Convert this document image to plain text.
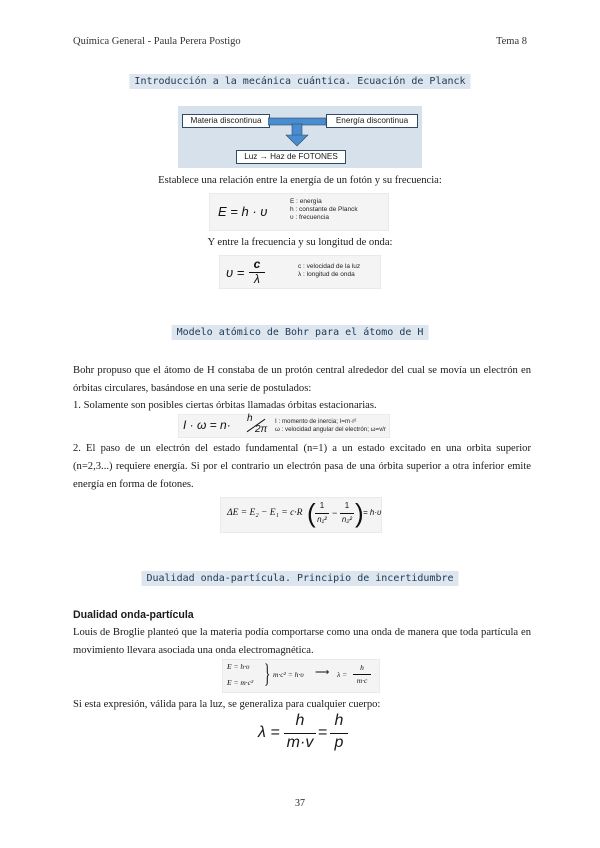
Química General - Paula Perera Postigo	Tema 8
Introducción a la mecánica cuántica. Ecuación de Planck
Materia discontinua	Energía discontinua
Luz → Haz de FOTONES
Establece una relación entre la energía de un fotón y su frecuencia:
E = h · υ
E : energía
h : constante de Planck
υ : frecuencia
Y entre la frecuencia y su longitud de onda:
υ =
c
λ
c : velocidad de la luz
λ : longitud de onda
Modelo atómico de Bohr para el átomo de H
Bohr propuso que el átomo de H constaba de un protón central alrededor del cual se movía un electrón en órbitas circulares, basándose en una serie de postulados:
1. Solamente son posibles ciertas órbitas llamadas órbitas estacionarias.
I · ω = n· h
2π
I : momento de inercia; I=m·r²
ω : velocidad angular del electrón; ω=v/r
2. El paso de un electrón del estado fundamental (n=1) a un estado excitado en una orbita superior (n=2,3...) requiere energía. Si por el contrario un electrón pasa de una órbita superior a otra inferior emite energía en forma de fotones.
ΔE = E₂ − E₁ = c·R ( 1
n₁²
−
1
n₂² ) = h·υ
Dualidad onda-partícula. Principio de incertidumbre
Dualidad onda-partícula
Louis de Broglie planteó que la materia podía comportarse como una onda de manera que toda partícula en movimiento llevara asociada una onda electromagnética.
E = h·υ
E = m·c² } m·c² = h·υ ⟶ λ =
h
m·c
Si esta expresión, válida para la luz, se generaliza para cualquier cuerpo:
λ =
h
m·v
=
h
p
37
